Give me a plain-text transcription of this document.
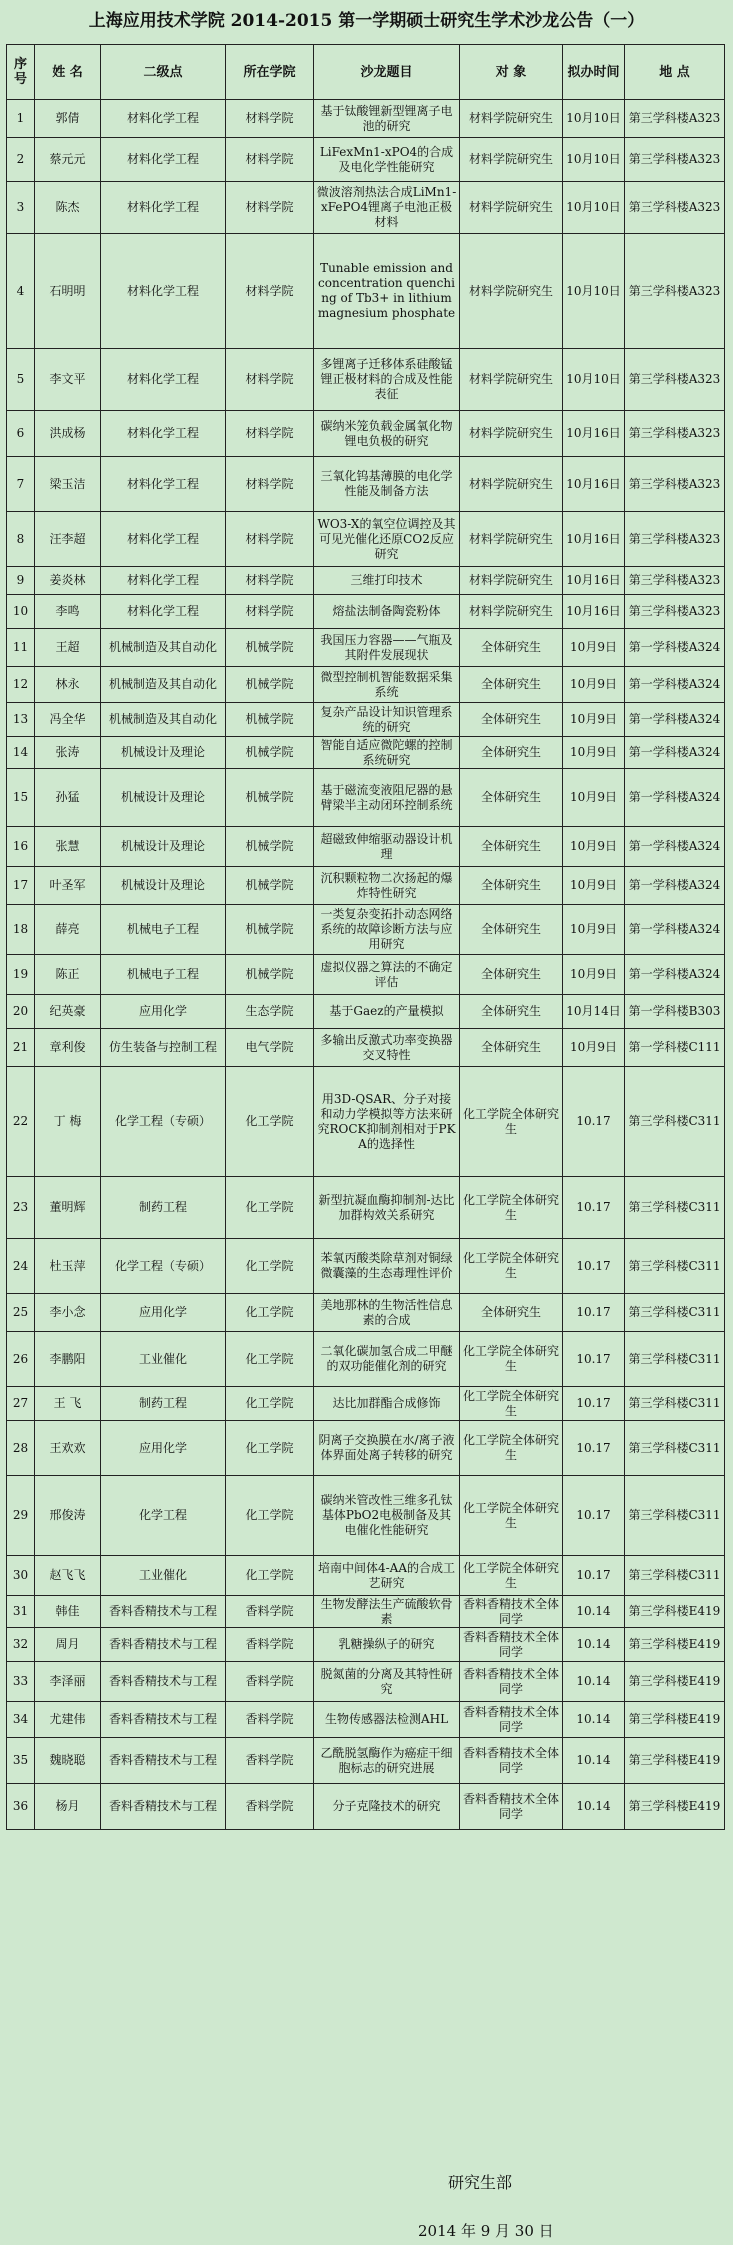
上海应用技术学院 2014-2015 第一学期硕士研究生学术沙龙公告（一）
序号	姓 名	二级点	所在学院	沙龙题目	对 象	拟办时间	地 点
1	郭倩	材料化学工程	材料学院	基于钛酸锂新型锂离子电池的研究	材料学院研究生	10月10日	第三学科楼A323
2	蔡元元	材料化学工程	材料学院	LiFexMn1-xPO4的合成及电化学性能研究	材料学院研究生	10月10日	第三学科楼A323
3	陈杰	材料化学工程	材料学院	微波溶剂热法合成LiMn1-xFePO4锂离子电池正极材料	材料学院研究生	10月10日	第三学科楼A323
4	石明明	材料化学工程	材料学院	Tunable emission and concentration quenching of Tb3+ in lithium magnesium phosphate	材料学院研究生	10月10日	第三学科楼A323
5	李文平	材料化学工程	材料学院	多锂离子迁移体系硅酸锰锂正极材料的合成及性能表征	材料学院研究生	10月10日	第三学科楼A323
6	洪成杨	材料化学工程	材料学院	碳纳米笼负载金属氧化物锂电负极的研究	材料学院研究生	10月16日	第三学科楼A323
7	梁玉洁	材料化学工程	材料学院	三氧化钨基薄膜的电化学性能及制备方法	材料学院研究生	10月16日	第三学科楼A323
8	汪李超	材料化学工程	材料学院	WO3-X的氧空位调控及其可见光催化还原CO2反应研究	材料学院研究生	10月16日	第三学科楼A323
9	姜炎林	材料化学工程	材料学院	三维打印技术	材料学院研究生	10月16日	第三学科楼A323
10	李鸣	材料化学工程	材料学院	熔盐法制备陶瓷粉体	材料学院研究生	10月16日	第三学科楼A323
11	王超	机械制造及其自动化	机械学院	我国压力容器——气瓶及其附件发展现状	全体研究生	10月9日	第一学科楼A324
12	林永	机械制造及其自动化	机械学院	微型控制机智能数据采集系统	全体研究生	10月9日	第一学科楼A324
13	冯全华	机械制造及其自动化	机械学院	复杂产品设计知识管理系统的研究	全体研究生	10月9日	第一学科楼A324
14	张涛	机械设计及理论	机械学院	智能自适应微陀螺的控制系统研究	全体研究生	10月9日	第一学科楼A324
15	孙猛	机械设计及理论	机械学院	基于磁流变液阻尼器的悬臂梁半主动闭环控制系统	全体研究生	10月9日	第一学科楼A324
16	张慧	机械设计及理论	机械学院	超磁致伸缩驱动器设计机理	全体研究生	10月9日	第一学科楼A324
17	叶圣军	机械设计及理论	机械学院	沉积颗粒物二次扬起的爆炸特性研究	全体研究生	10月9日	第一学科楼A324
18	薛亮	机械电子工程	机械学院	一类复杂变拓扑动态网络系统的故障诊断方法与应用研究	全体研究生	10月9日	第一学科楼A324
19	陈正	机械电子工程	机械学院	虚拟仪器之算法的不确定评估	全体研究生	10月9日	第一学科楼A324
20	纪英豪	应用化学	生态学院	基于Gaez的产量模拟	全体研究生	10月14日	第一学科楼B303
21	章利俊	仿生装备与控制工程	电气学院	多输出反激式功率变换器交叉特性	全体研究生	10月9日	第一学科楼C111
22	丁 梅	化学工程（专硕）	化工学院	用3D-QSAR、分子对接和动力学模拟等方法来研究ROCK抑制剂相对于PKA的选择性	化工学院全体研究生	10.17	第三学科楼C311
23	董明辉	制药工程	化工学院	新型抗凝血酶抑制剂-达比加群构效关系研究	化工学院全体研究生	10.17	第三学科楼C311
24	杜玉萍	化学工程（专硕）	化工学院	苯氧丙酸类除草剂对铜绿微囊藻的生态毒理性评价	化工学院全体研究生	10.17	第三学科楼C311
25	李小念	应用化学	化工学院	美地那林的生物活性信息素的合成	全体研究生	10.17	第三学科楼C311
26	李鹏阳	工业催化	化工学院	二氧化碳加氢合成二甲醚的双功能催化剂的研究	化工学院全体研究生	10.17	第三学科楼C311
27	王 飞	制药工程	化工学院	达比加群酯合成修饰	化工学院全体研究生	10.17	第三学科楼C311
28	王欢欢	应用化学	化工学院	阴离子交换膜在水/离子液体界面处离子转移的研究	化工学院全体研究生	10.17	第三学科楼C311
29	邢俊涛	化学工程	化工学院	碳纳米管改性三维多孔钛基体PbO2电极制备及其电催化性能研究	化工学院全体研究生	10.17	第三学科楼C311
30	赵飞飞	工业催化	化工学院	培南中间体4-AA的合成工艺研究	化工学院全体研究生	10.17	第三学科楼C311
31	韩佳	香料香精技术与工程	香料学院	生物发酵法生产硫酸软骨素	香料香精技术全体同学	10.14	第三学科楼E419
32	周月	香料香精技术与工程	香料学院	乳糖操纵子的研究	香料香精技术全体同学	10.14	第三学科楼E419
33	李泽丽	香料香精技术与工程	香料学院	脱氮菌的分离及其特性研究	香料香精技术全体同学	10.14	第三学科楼E419
34	尤建伟	香料香精技术与工程	香料学院	生物传感器法检测AHL	香料香精技术全体同学	10.14	第三学科楼E419
35	魏晓聪	香料香精技术与工程	香料学院	乙酰脱氢酶作为癌症干细胞标志的研究进展	香料香精技术全体同学	10.14	第三学科楼E419
36	杨月	香料香精技术与工程	香料学院	分子克隆技术的研究	香料香精技术全体同学	10.14	第三学科楼E419
研究生部
2014 年 9 月 30 日
